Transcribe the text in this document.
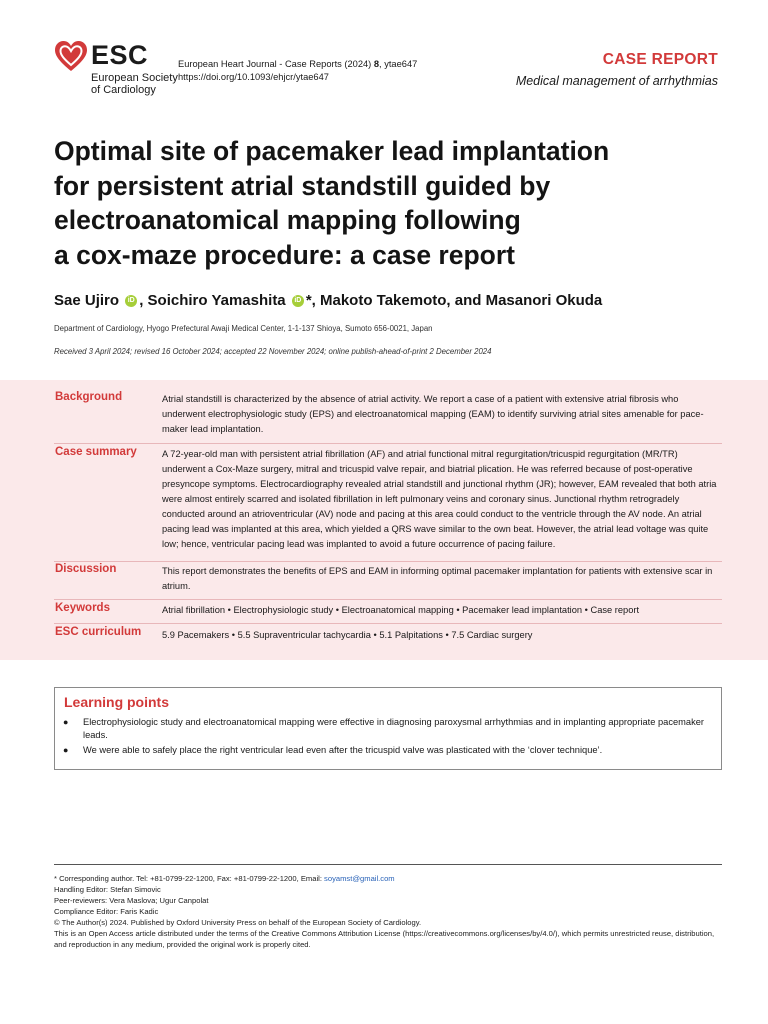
ESC
European Society
of Cardiology
European Heart Journal - Case Reports (2024) 8, ytae647
https://doi.org/10.1093/ehjcr/ytae647
CASE REPORT
Medical management of arrhythmias
Optimal site of pacemaker lead implantation
for persistent atrial standstill guided by
electroanatomical mapping following
a cox-maze procedure: a case report
Sae Ujiro iD , Soichiro Yamashita iD *, Makoto Takemoto, and Masanori Okuda
Department of Cardiology, Hyogo Prefectural Awaji Medical Center, 1-1-137 Shioya, Sumoto 656-0021, Japan
Received 3 April 2024; revised 16 October 2024; accepted 22 November 2024; online publish-ahead-of-print 2 December 2024
Background	Atrial standstill is characterized by the absence of atrial activity. We report a case of a patient with extensive atrial fibrosis who underwent electrophysiologic study (EPS) and electroanatomical mapping (EAM) to identify surviving atrial sites amenable for pace-maker lead implantation.
Case summary	A 72-year-old man with persistent atrial fibrillation (AF) and atrial functional mitral regurgitation/tricuspid regurgitation (MR/TR) underwent a Cox-Maze surgery, mitral and tricuspid valve repair, and biatrial plication. He was referred because of post-operative presyncope symptoms. Electrocardiography revealed atrial standstill and junctional rhythm (JR); however, EAM revealed that both atria were almost entirely scarred and isolated fibrillation in left pulmonary veins and coronary sinus. Junctional rhythm retrogradely conducted around an atrioventricular (AV) node and pacing at this area could conduct to the ventricle through the AV node. An atrial pacing lead was implanted at this area, which yielded a QRS wave similar to the own beat. However, the atrial lead voltage was quite low; hence, ventricular pacing lead was implanted to avoid a future occurrence of pacing failure.
Discussion	This report demonstrates the benefits of EPS and EAM in informing optimal pacemaker implantation for patients with extensive scar in atrium.
Keywords	Atrial fibrillation • Electrophysiologic study • Electroanatomical mapping • Pacemaker lead implantation • Case report
ESC curriculum 5.9 Pacemakers • 5.5 Supraventricular tachycardia • 5.1 Palpitations • 7.5 Cardiac surgery
Learning points
● Electrophysiologic study and electroanatomical mapping were effective in diagnosing paroxysmal arrhythmias and in implanting appropriate pacemaker leads.
● We were able to safely place the right ventricular lead even after the tricuspid valve was plasticated with the ‘clover technique’.
* Corresponding author. Tel: +81-0799-22-1200, Fax: +81-0799-22-1200, Email: soyamst@gmail.com
Handling Editor: Stefan Simovic
Peer-reviewers: Vera Maslova; Ugur Canpolat
Compliance Editor: Faris Kadic
© The Author(s) 2024. Published by Oxford University Press on behalf of the European Society of Cardiology.
This is an Open Access article distributed under the terms of the Creative Commons Attribution License (https://creativecommons.org/licenses/by/4.0/), which permits unrestricted reuse, distribution, and reproduction in any medium, provided the original work is properly cited.
